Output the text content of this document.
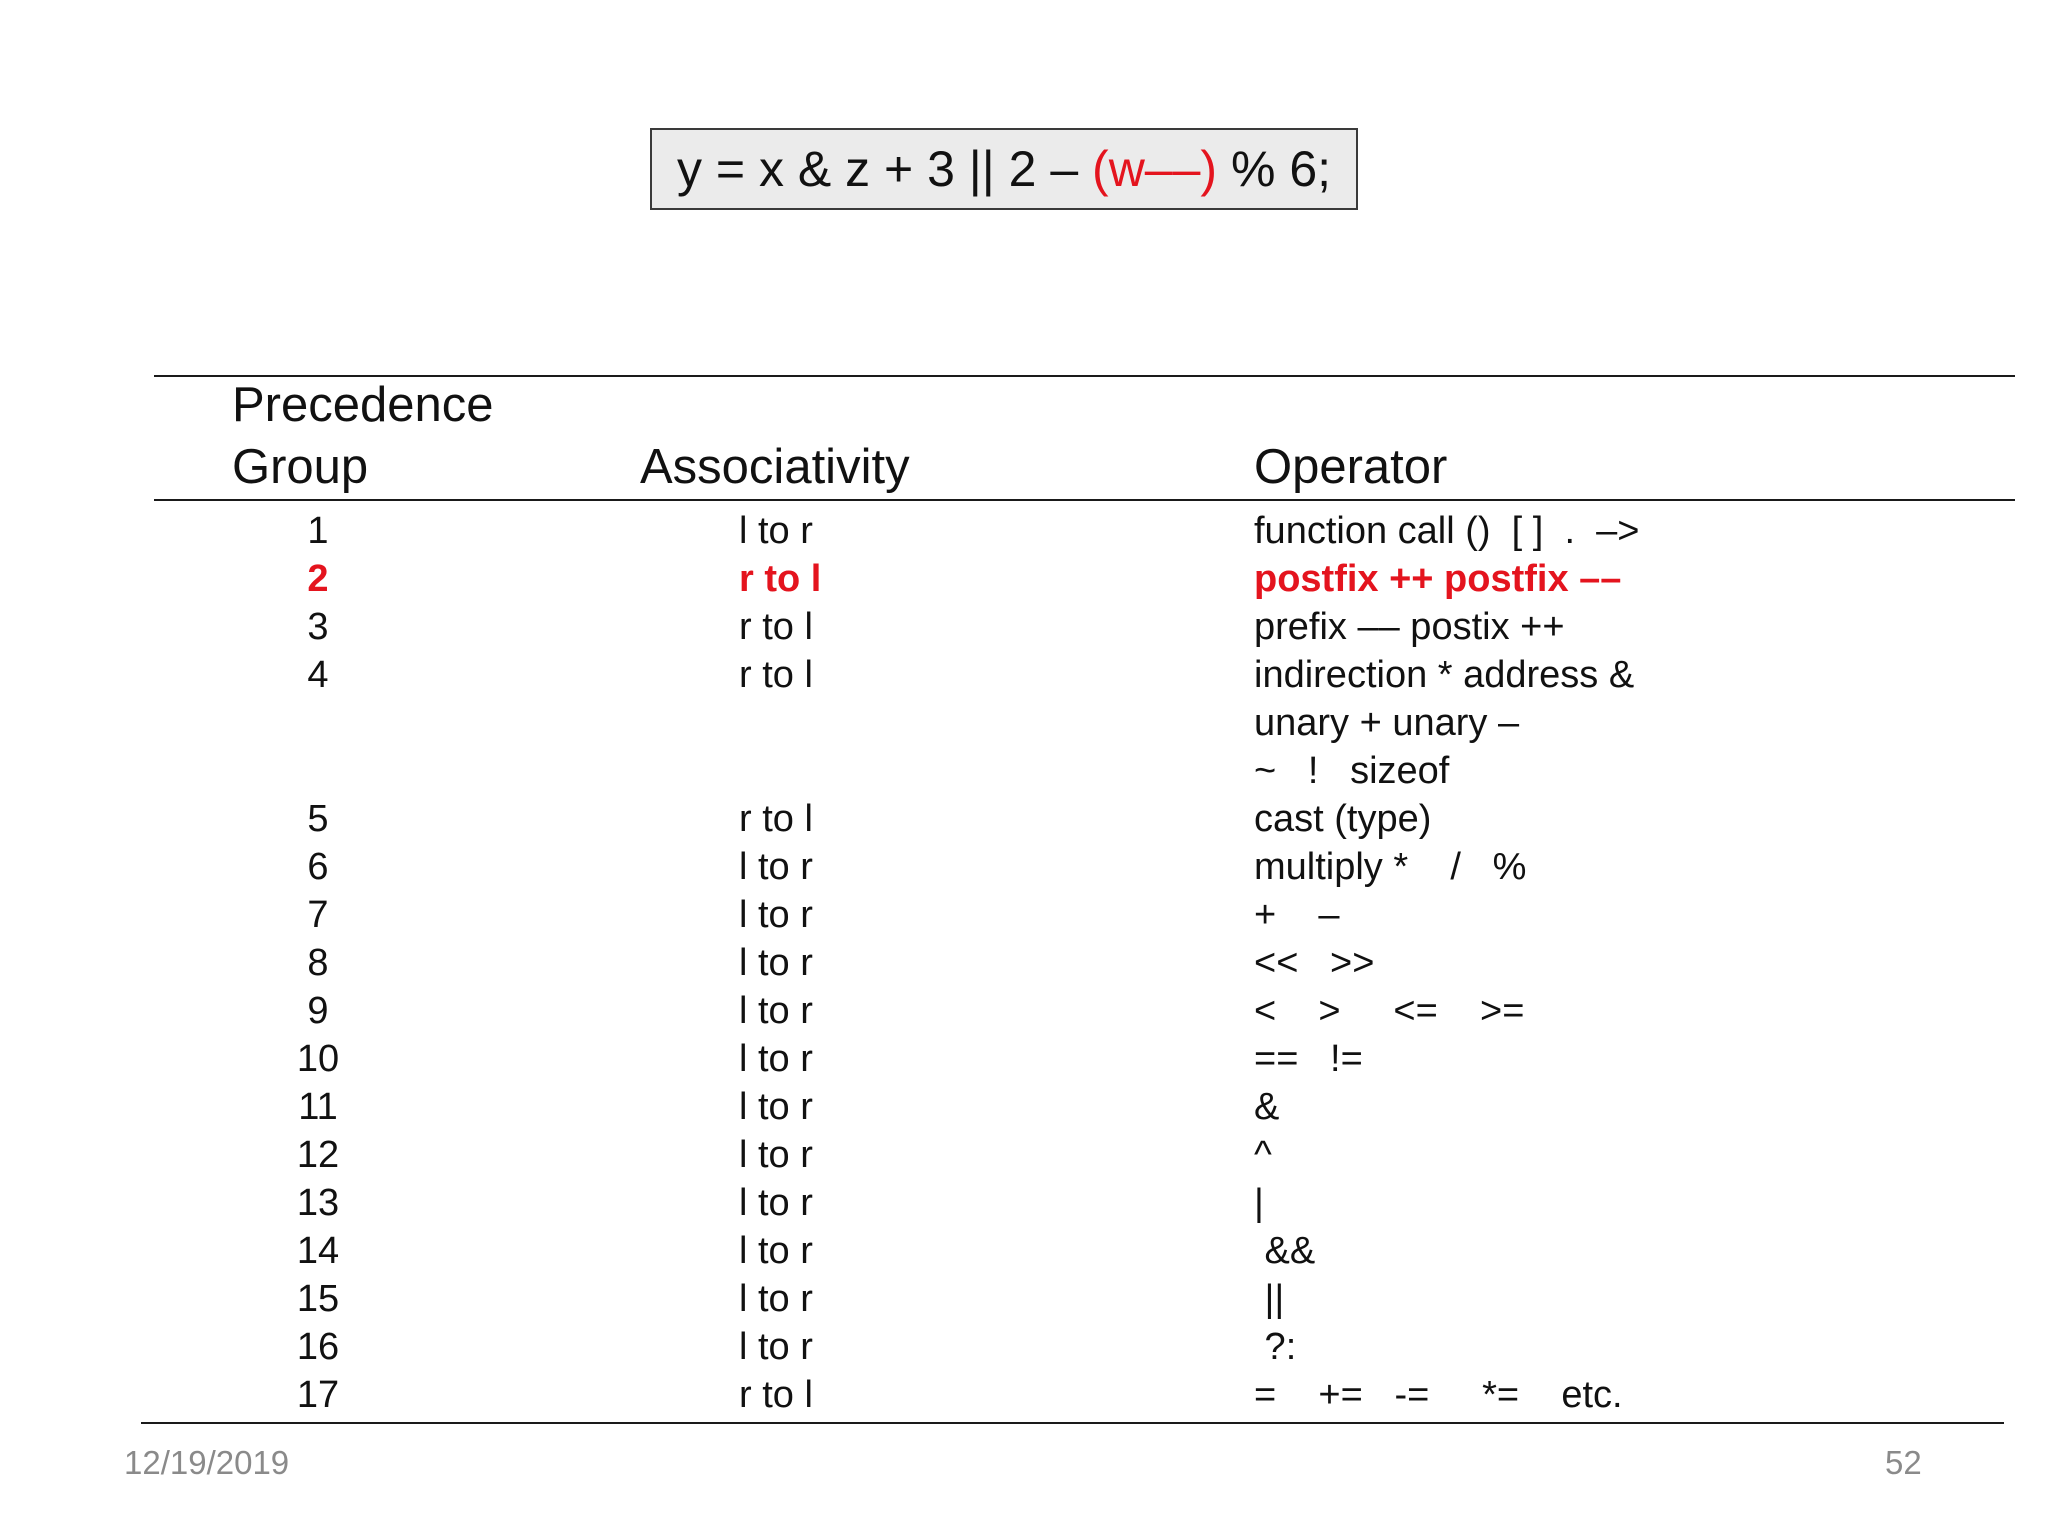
y = x & z + 3 || 2 – (w––) % 6;
Precedence
Group	Associativity	Operator
1	l to r	function call ()  [ ]  .  –>
2	r to l	postfix ++ postfix ––
3	r to l	prefix –– postix ++
4	r to l	indirection * address &
unary + unary –
~   !   sizeof
5	r to l	cast (type)
6	l to r	multiply *    /   %
7	l to r	+    –
8	l to r	<<   >>
9	l to r	<    >     <=    >=
10	l to r	==   !=
11	l to r	&
12	l to r	^
13	l to r	|
14	l to r	&&
15	l to r	||
16	l to r	?:
17	r to l	=    +=   -=     *=    etc.
12/19/2019	52
